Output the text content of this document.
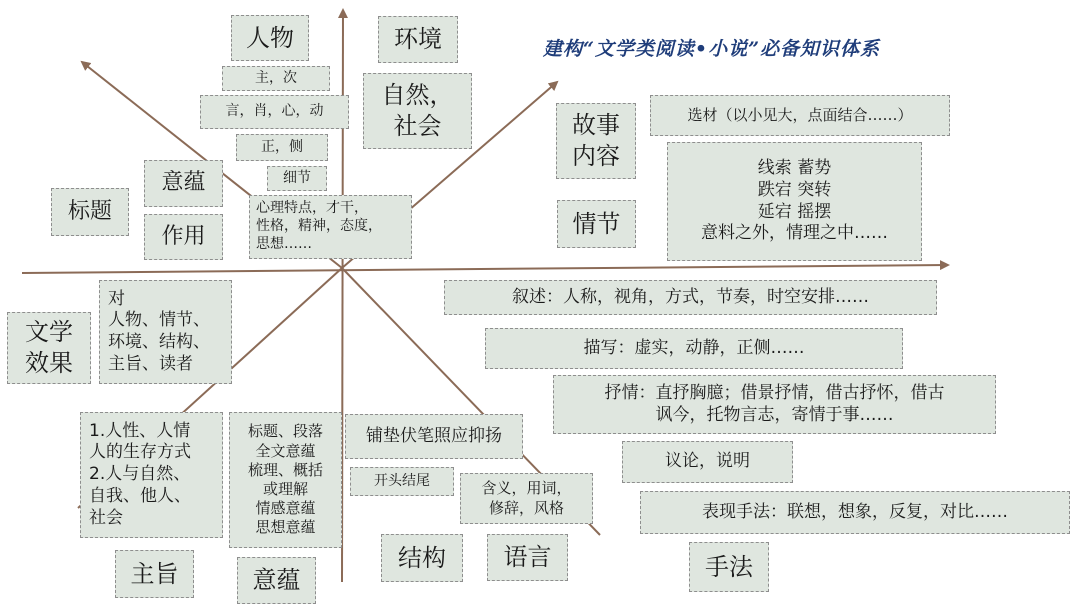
建构“文学类阅读•小说”必备知识体系
人物
主，次
言，肖，心，动
正，侧
细节
心理特点，才干，
性格，精神，态度，
思想……
环境
自然，
社会
标题
意蕴
作用
故事
内容
选材（以小见大，点面结合……）
情节
线索 蓄势
跌宕 突转
延宕 摇摆
意料之外，情理之中……
文学
效果
对
人物、情节、
环境、结构、
主旨、读者
叙述：人称，视角，方式，节奏，时空安排……
描写：虚实，动静，正侧……
抒情：直抒胸臆；借景抒情，借古抒怀，借古
讽今，托物言志，寄情于事……
议论，说明
表现手法：联想，想象，反复，对比……
手法
1.人性、人情
人的生存方式
2.人与自然、
自我、他人、
社会
主旨
标题、段落
全文意蕴
梳理、概括
或理解
情感意蕴
思想意蕴
意蕴
铺垫伏笔照应抑扬
开头结尾
结构
含义，用词，
修辞，风格
语言
